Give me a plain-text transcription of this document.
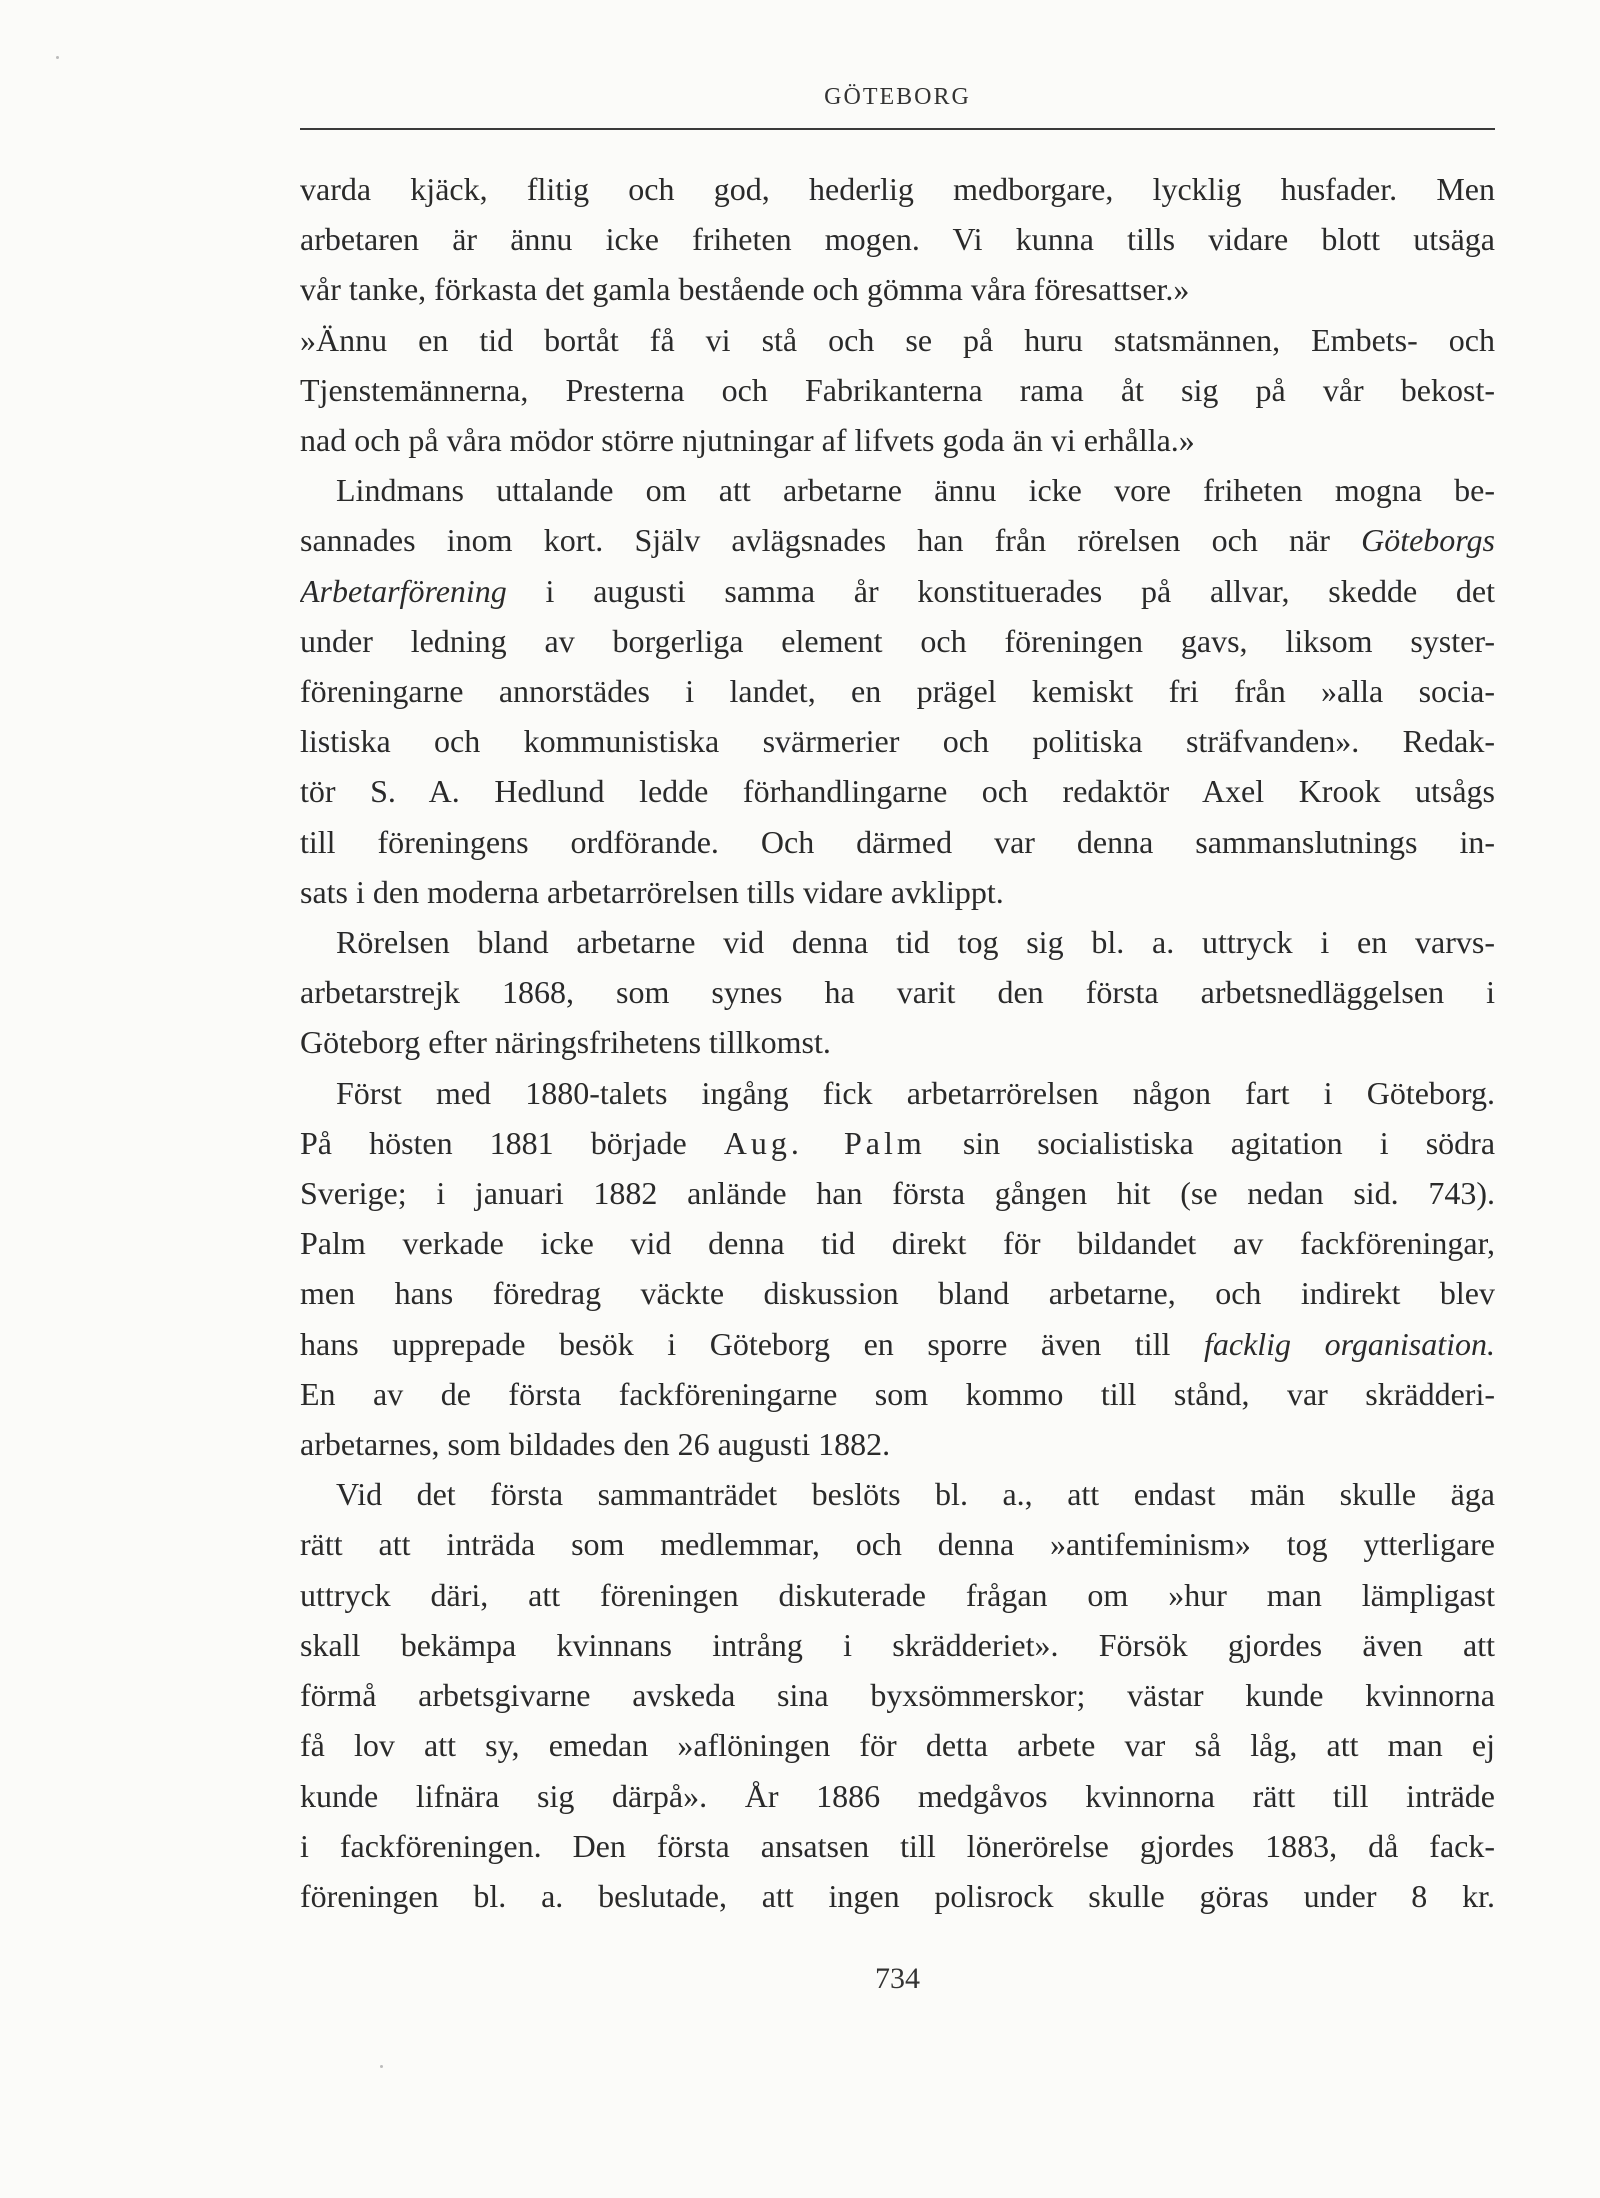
GÖTEBORG
varda kjäck, flitig och god, hederlig medborgare, lycklig husfader. Men
arbetaren är ännu icke friheten mogen. Vi kunna tills vidare blott utsäga
vår tanke, förkasta det gamla bestående och gömma våra föresattser.»
»Ännu en tid bortåt få vi stå och se på huru statsmännen, Embets- och
Tjenstemännerna, Presterna och Fabrikanterna rama åt sig på vår bekost-
nad och på våra mödor större njutningar af lifvets goda än vi erhålla.»
Lindmans uttalande om att arbetarne ännu icke vore friheten mogna be-
sannades inom kort. Själv avlägsnades han från rörelsen och när Göteborgs
Arbetarförening i augusti samma år konstituerades på allvar, skedde det
under ledning av borgerliga element och föreningen gavs, liksom syster-
föreningarne annorstädes i landet, en prägel kemiskt fri från »alla socia-
listiska och kommunistiska svärmerier och politiska sträfvanden». Redak-
tör S. A. Hedlund ledde förhandlingarne och redaktör Axel Krook utsågs
till föreningens ordförande. Och därmed var denna sammanslutnings in-
sats i den moderna arbetarrörelsen tills vidare avklippt.
Rörelsen bland arbetarne vid denna tid tog sig bl. a. uttryck i en varvs-
arbetarstrejk 1868, som synes ha varit den första arbetsnedläggelsen i
Göteborg efter näringsfrihetens tillkomst.
Först med 1880-talets ingång fick arbetarrörelsen någon fart i Göteborg.
På hösten 1881 började Aug. Palm sin socialistiska agitation i södra
Sverige; i januari 1882 anlände han första gången hit (se nedan sid. 743).
Palm verkade icke vid denna tid direkt för bildandet av fackföreningar,
men hans föredrag väckte diskussion bland arbetarne, och indirekt blev
hans upprepade besök i Göteborg en sporre även till facklig organisation.
En av de första fackföreningarne som kommo till stånd, var skrädderi-
arbetarnes, som bildades den 26 augusti 1882.
Vid det första sammanträdet beslöts bl. a., att endast män skulle äga
rätt att inträda som medlemmar, och denna »antifeminism» tog ytterligare
uttryck däri, att föreningen diskuterade frågan om »hur man lämpligast
skall bekämpa kvinnans intrång i skrädderiet». Försök gjordes även att
förmå arbetsgivarne avskeda sina byxsömmerskor; västar kunde kvinnorna
få lov att sy, emedan »aflöningen för detta arbete var så låg, att man ej
kunde lifnära sig därpå». År 1886 medgåvos kvinnorna rätt till inträde
i fackföreningen. Den första ansatsen till lönerörelse gjordes 1883, då fack-
föreningen bl. a. beslutade, att ingen polisrock skulle göras under 8 kr.
734
